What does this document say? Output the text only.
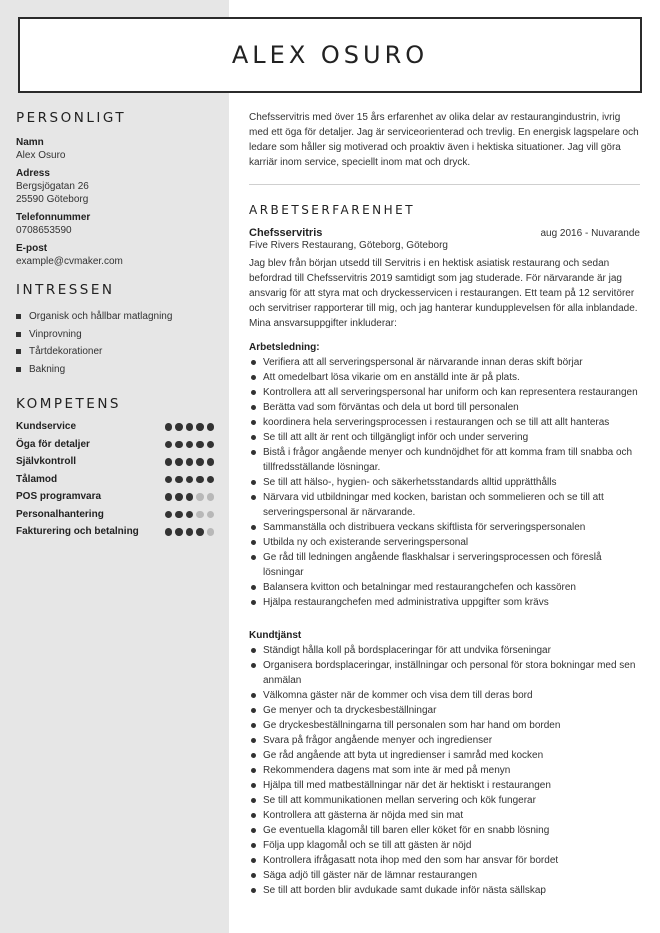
ALEX OSURO
PERSONLIGT
Namn
Alex Osuro
Adress
Bergsjögatan 26
25590 Göteborg
Telefonnummer
0708653590
E-post
example@cvmaker.com
INTRESSEN
Organisk och hållbar matlagning
Vinprovning
Tårtdekorationer
Bakning
KOMPETENS
Kundservice
Öga för detaljer
Självkontroll
Tålamod
POS programvara
Personalhantering
Fakturering och betalning

Chefsservitris med över 15 års erfarenhet av olika delar av restaurangindustrin, ivrig med ett öga för detaljer. Jag är serviceorienterad och trevlig. En energisk lagspelare och ledare som håller sig motiverad och proaktiv även i hektiska situationer. Jag vill göra karriär inom service, speciellt inom mat och dryck.

ARBETSERFARENHET
Chefsservitris	aug 2016 - Nuvarande
Five Rivers Restaurang, Göteborg, Göteborg

Jag blev från början utsedd till Servitris i en hektisk asiatisk restaurang och sedan befordrad till Chefsservitris 2019 samtidigt som jag studerade. För närvarande är jag ansvarig för att styra mat och dryckesservicen i restaurangen. Ett team på 12 servitörer och servitriser rapporterar till mig, och jag hanterar kundupplevelsen för alla inblandade. Mina ansvarsuppgifter inkluderar:

Arbetsledning:
Verifiera att all serveringspersonal är närvarande innan deras skift börjar
Att omedelbart lösa vikarie om en anställd inte är på plats.
Kontrollera att all serveringspersonal har uniform och kan representera restaurangen
Berätta vad som förväntas och dela ut bord till personalen
koordinera hela serveringsprocessen i restaurangen och se till att allt hanteras
Se till att allt är rent och tillgängligt inför och under servering
Bistå i frågor angående menyer och kundnöjdhet för att komma fram till snabba och tillfredsställande lösningar.
Se till att hälso-, hygien- och säkerhetsstandards alltid upprätthålls
Närvara vid utbildningar med kocken, baristan och sommelieren och se till att serveringspersonal är närvarande.
Sammanställa och distribuera veckans skiftlista för serveringspersonalen
Utbilda ny och existerande serveringspersonal
Ge råd till ledningen angående flaskhalsar i serveringsprocessen och föreslå lösningar
Balansera kvitton och betalningar med restaurangchefen och kassören
Hjälpa restaurangchefen med administrativa uppgifter som krävs
Kundtjänst
Ständigt hålla koll på bordsplaceringar för att undvika förseningar
Organisera bordsplaceringar, inställningar och personal för stora bokningar med sen anmälan
Välkomna gäster när de kommer och visa dem till deras bord
Ge menyer och ta dryckesbeställningar
Ge dryckesbeställningarna till personalen som har hand om borden
Svara på frågor angående menyer och ingredienser
Ge råd angående att byta ut ingredienser i samråd med kocken
Rekommendera dagens mat som inte är med på menyn
Hjälpa till med matbeställningar när det är hektiskt i restaurangen
Se till att kommunikationen mellan servering och kök fungerar
Kontrollera att gästerna är nöjda med sin mat
Ge eventuella klagomål till baren eller köket för en snabb lösning
Följa upp klagomål och se till att gästen är nöjd
Kontrollera ifrågasatt nota ihop med den som har ansvar för bordet
Säga adjö till gäster när de lämnar restaurangen
Se till att borden blir avdukade samt dukade inför nästa sällskap
